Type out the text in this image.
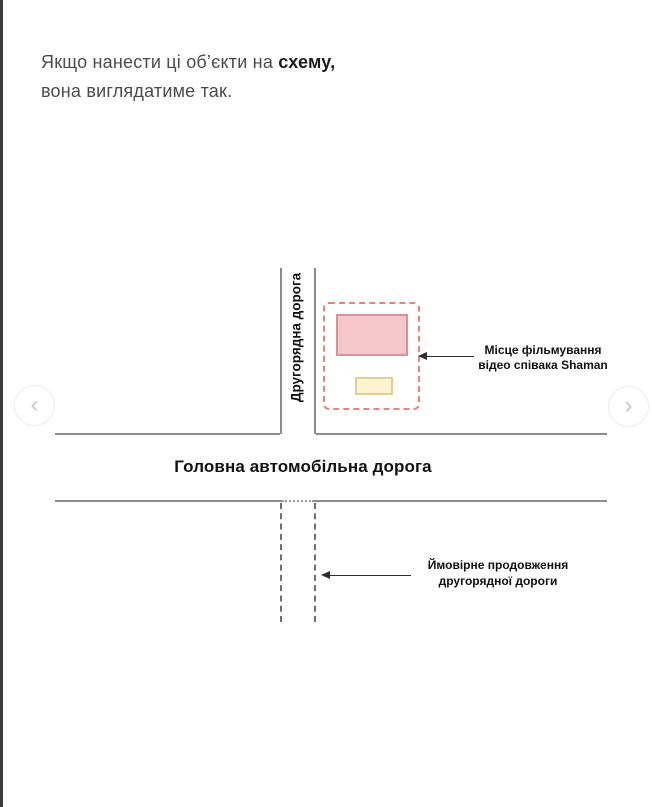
Якщо нанести ці об’єкти на схему,

вона виглядатиме так.

‹	›
Другорядна дорога
Головна автомобільна дорога
Місце фільмування
відео співака Shaman
Ймовірне продовження
другорядної дороги
